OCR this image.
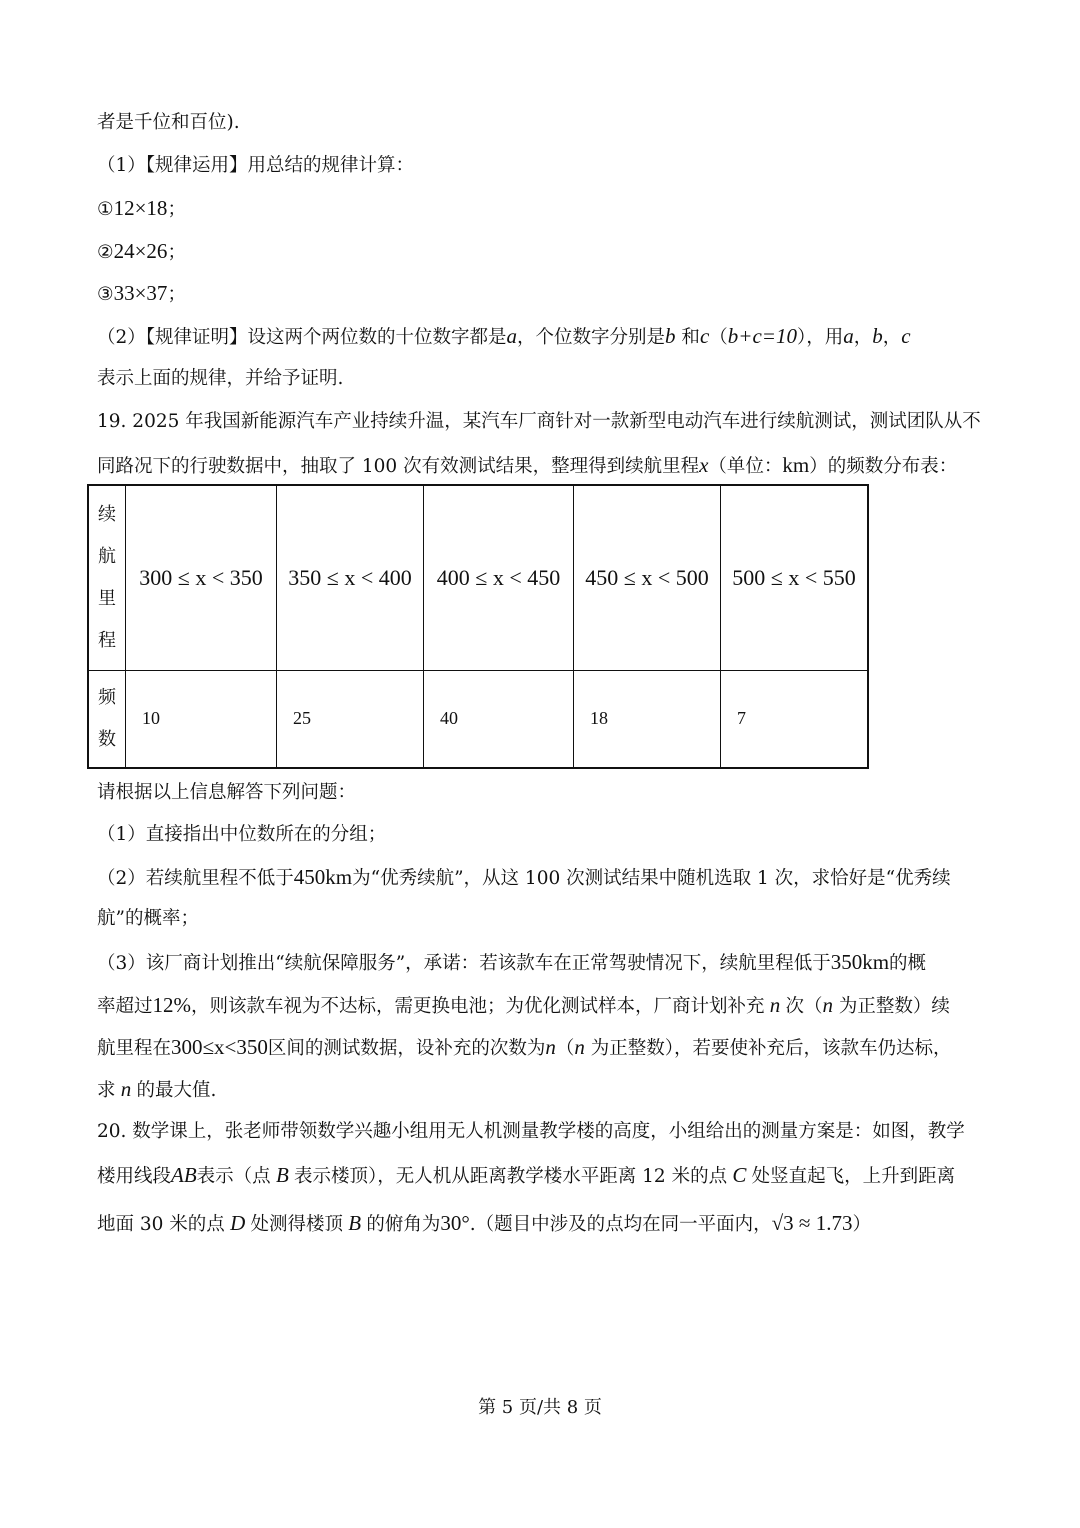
者是千位和百位).
（1）【规律运用】用总结的规律计算：
①12×18；
②24×26；
③33×37；
（2）【规律证明】设这两个两位数的十位数字都是a，个位数字分别是b 和c（b+c=10），用a，b，c
表示上面的规律，并给予证明.
19. 2025 年我国新能源汽车产业持续升温，某汽车厂商针对一款新型电动汽车进行续航测试，测试团队从不
同路况下的行驶数据中，抽取了 100 次有效测试结果，整理得到续航里程x（单位：km）的频数分布表：
续
航
里
程	300 ≤ x < 350	350 ≤ x < 400	400 ≤ x < 450	450 ≤ x < 500	500 ≤ x < 550

频
数	10	25	40	18	7
请根据以上信息解答下列问题：
（1）直接指出中位数所在的分组；
（2）若续航里程不低于450km为“优秀续航”，从这 100 次测试结果中随机选取 1 次，求恰好是“优秀续
航”的概率；
（3）该厂商计划推出“续航保障服务”，承诺：若该款车在正常驾驶情况下，续航里程低于350km的概
率超过12%，则该款车视为不达标，需更换电池；为优化测试样本，厂商计划补充 n 次（n 为正整数）续
航里程在300≤x<350区间的测试数据，设补充的次数为n（n 为正整数），若要使补充后，该款车仍达标，
求 n 的最大值.
20. 数学课上，张老师带领数学兴趣小组用无人机测量教学楼的高度，小组给出的测量方案是：如图，教学
楼用线段AB表示（点 B 表示楼顶），无人机从距离教学楼水平距离 12 米的点 C 处竖直起飞，上升到距离
地面 30 米的点 D 处测得楼顶 B 的俯角为30°.（题目中涉及的点均在同一平面内，√3 ≈ 1.73）
第 5 页/共 8 页
